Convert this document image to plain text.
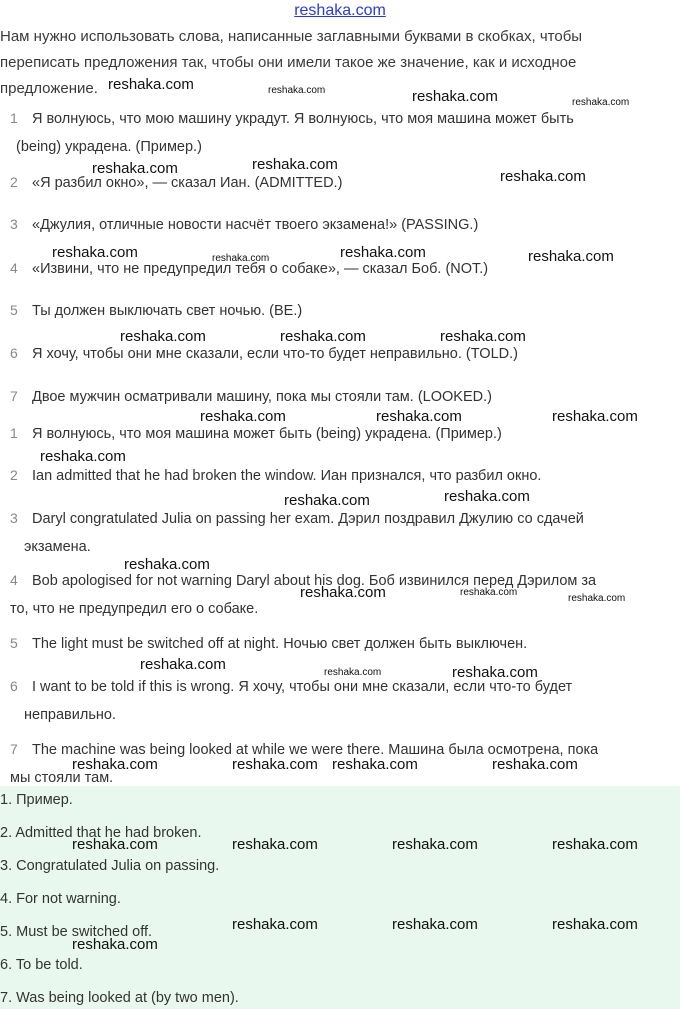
reshaka.com
Нам нужно использовать слова, написанные заглавными буквами в скобках, чтобы переписать предложения так, чтобы они имели такое же значение, как и исходное предложение.
1 Я волнуюсь, что мою машину украдут. Я волнуюсь, что моя машина может быть
(being) украдена. (Пример.)
2 «Я разбил окно», — сказал Иан. (ADMITTED.)
3 «Джулия, отличные новости насчёт твоего экзамена!» (PASSING.)
4 «Извини, что не предупредил тебя о собаке», — сказал Боб. (NOT.)
5 Ты должен выключать свет ночью. (BE.)
6 Я хочу, чтобы они мне сказали, если что-то будет неправильно. (TOLD.)
7 Двое мужчин осматривали машину, пока мы стояли там. (LOOKED.)
1 Я волнуюсь, что моя машина может быть (being) украдена. (Пример.)
2 Ian admitted that he had broken the window. Иан признался, что разбил окно.
3 Daryl congratulated Julia on passing her exam. Дэрил поздравил Джулию со сдачей
экзамена.
4 Bob apologised for not warning Daryl about his dog. Боб извинился перед Дэрилом за
то, что не предупредил его о собаке.
5 The light must be switched off at night. Ночью свет должен быть выключен.
6 I want to be told if this is wrong. Я хочу, чтобы они мне сказали, если что-то будет
неправильно.
7 The machine was being looked at while we were there. Машина была осмотрена, пока
мы стояли там.
1. Пример.
2. Admitted that he had broken.
3. Congratulated Julia on passing.
4. For not warning.
5. Must be switched off.
6. To be told.
7. Was being looked at (by two men).
reshaka.com	reshaka.com	reshaka.com	reshaka.com
reshaka.com	reshaka.com
reshaka.com
reshaka.com	reshaka.com	reshaka.com	reshaka.com
reshaka.com	reshaka.com	reshaka.com
reshaka.com	reshaka.com	reshaka.com
reshaka.com
reshaka.com	reshaka.com
reshaka.com
reshaka.com	reshaka.com
reshaka.com
reshaka.com	reshaka.com	reshaka.com
reshaka.com	reshaka.com reshaka.com	reshaka.com
reshaka.com	reshaka.com	reshaka.com	reshaka.com
reshaka.com	reshaka.com	reshaka.com
reshaka.com
